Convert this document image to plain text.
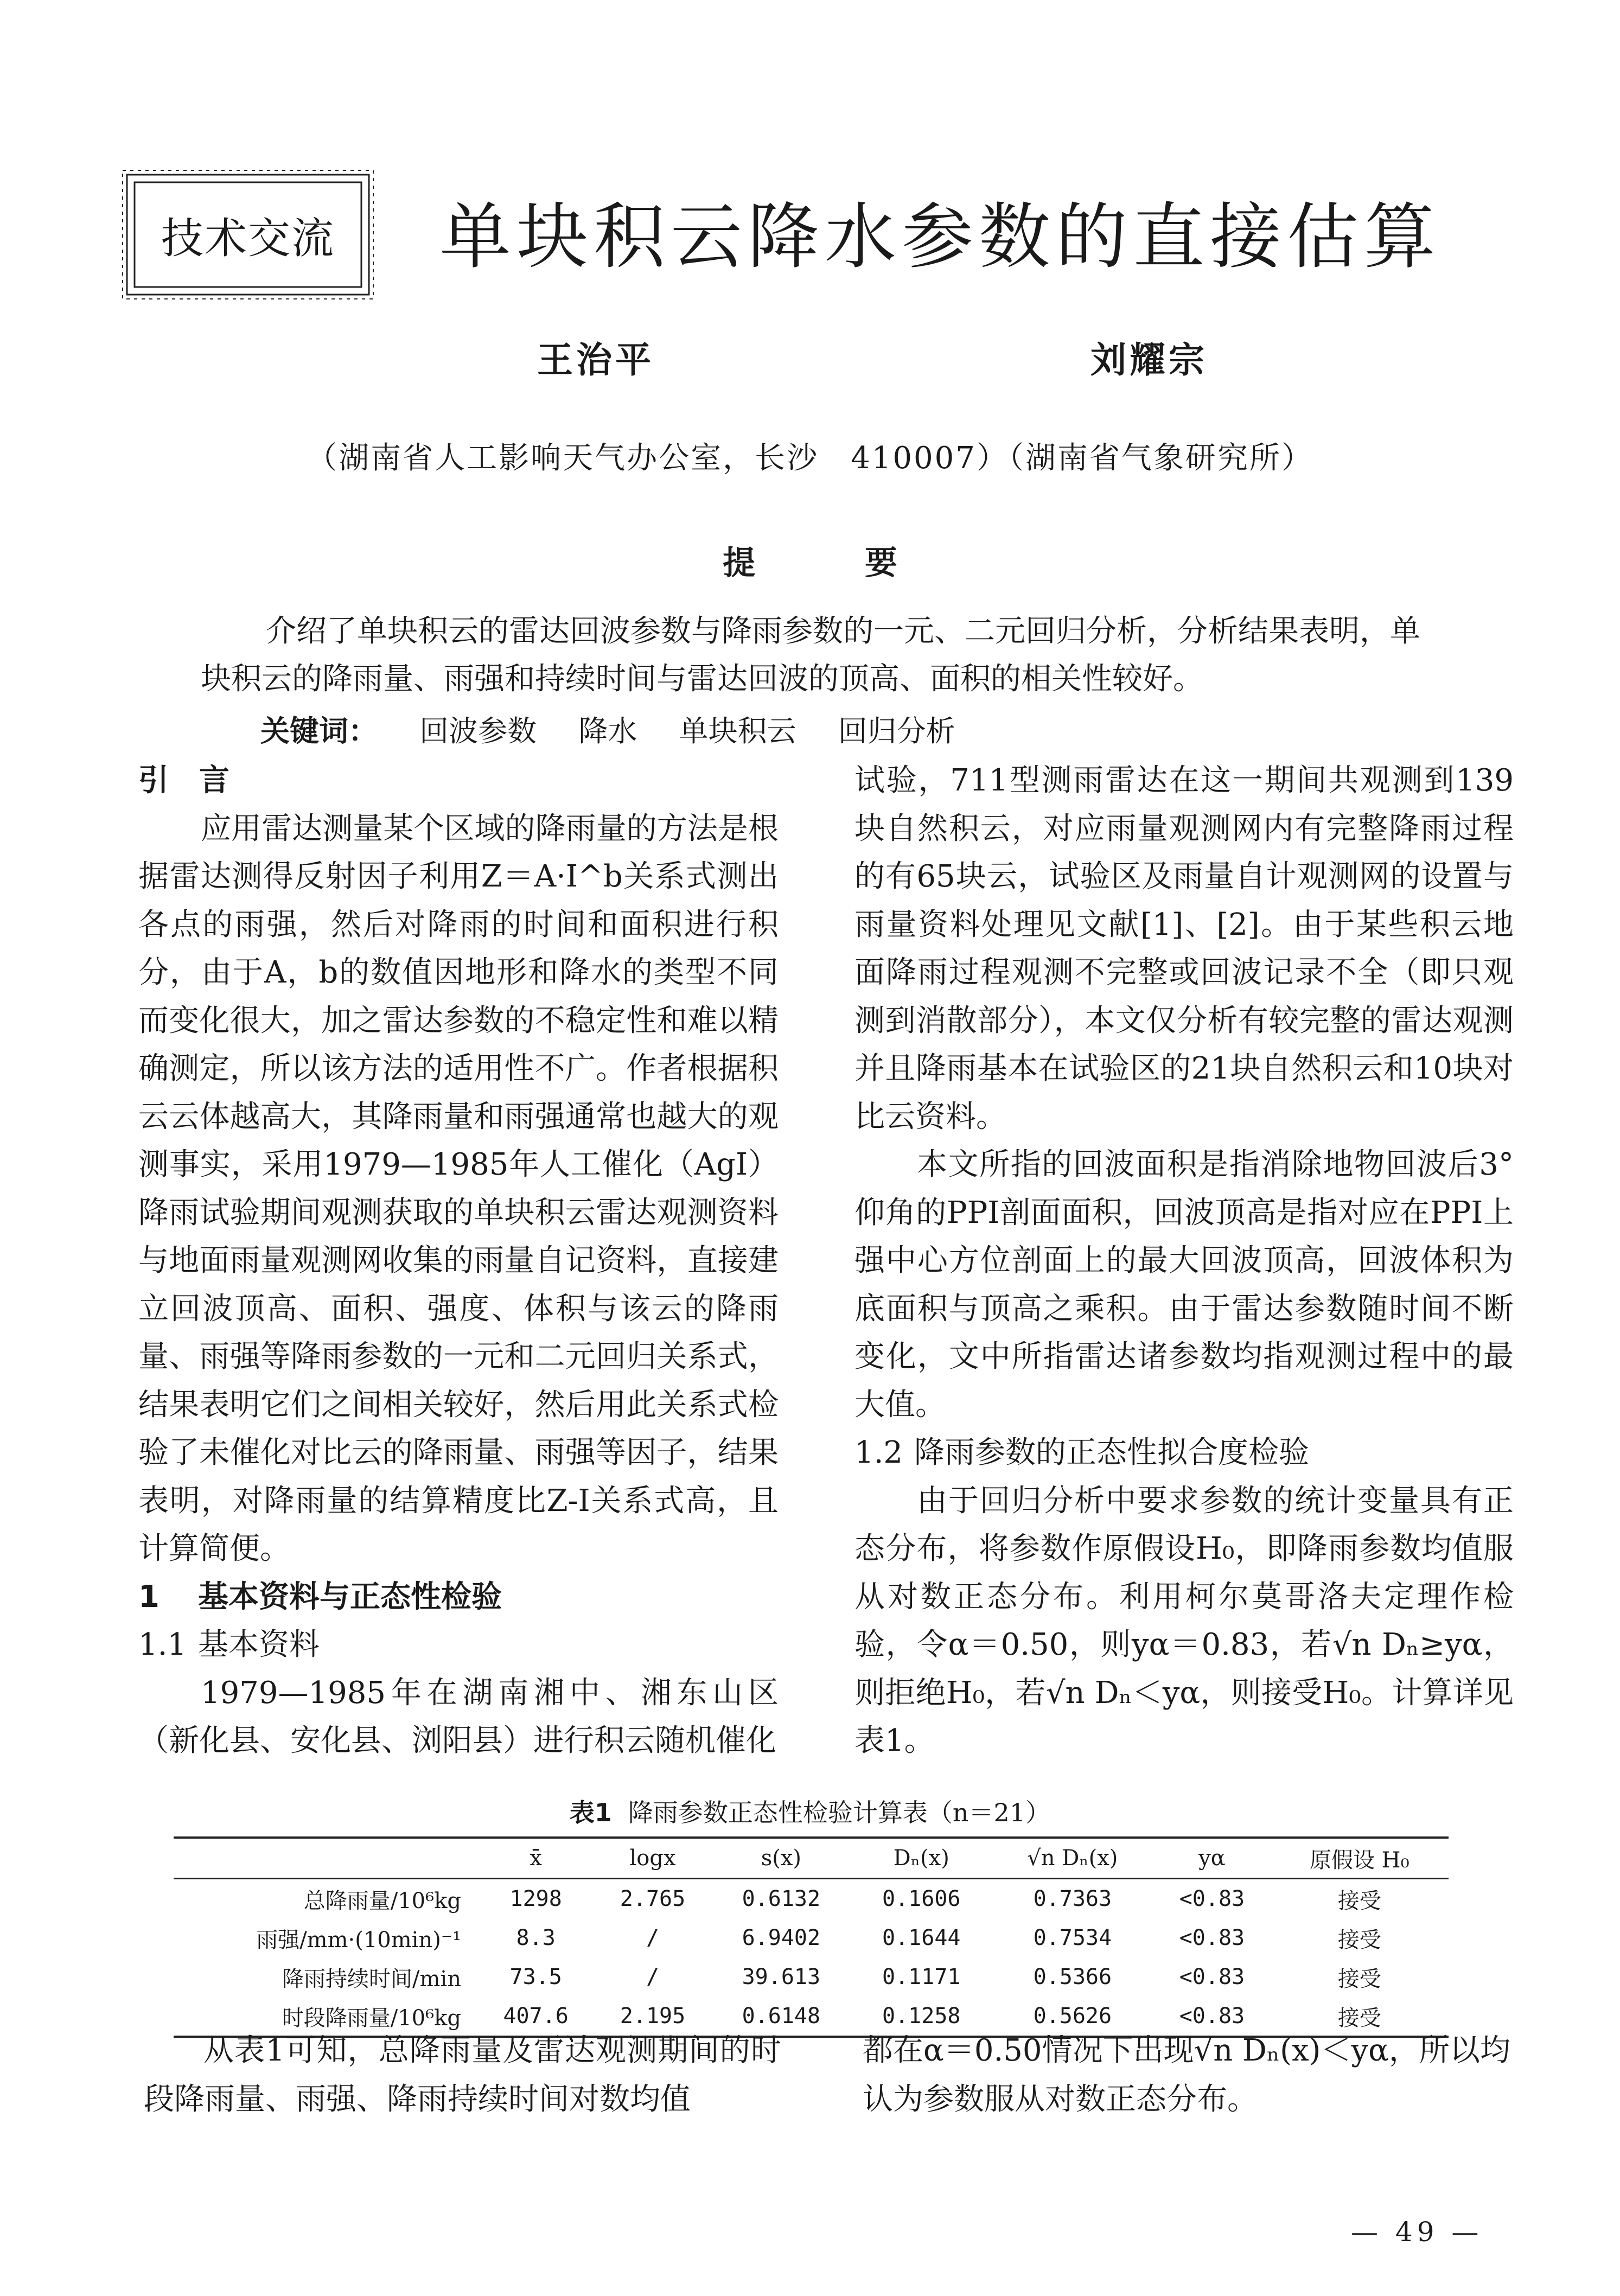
技术交流	单块积云降水参数的直接估算
王治平	刘耀宗
（湖南省人工影响天气办公室，长沙　410007）（湖南省气象研究所）
提	要

介绍了单块积云的雷达回波参数与降雨参数的一元、二元回归分析，分析结果表明，单块积云的降雨量、雨强和持续时间与雷达回波的顶高、面积的相关性较好。

关键词： 回波参数 降水 单块积云 回归分析

引　言

应用雷达测量某个区域的降雨量的方法是根据雷达测得反射因子利用Z＝A·I^b关系式测出各点的雨强，然后对降雨的时间和面积进行积分，由于A，b的数值因地形和降水的类型不同而变化很大，加之雷达参数的不稳定性和难以精确测定，所以该方法的适用性不广。作者根据积云云体越高大，其降雨量和雨强通常也越大的观测事实，采用1979—1985年人工催化（AgI）降雨试验期间观测获取的单块积云雷达观测资料与地面雨量观测网收集的雨量自记资料，直接建立回波顶高、面积、强度、体积与该云的降雨量、雨强等降雨参数的一元和二元回归关系式，结果表明它们之间相关较好，然后用此关系式检验了未催化对比云的降雨量、雨强等因子，结果表明，对降雨量的结算精度比Z-I关系式高，且计算简便。

1 基本资料与正态性检验

1.1 基本资料

1979—1985年在湖南湘中、湘东山区（新化县、安化县、浏阳县）进行积云随机催化

试验，711型测雨雷达在这一期间共观测到139块自然积云，对应雨量观测网内有完整降雨过程的有65块云，试验区及雨量自计观测网的设置与雨量资料处理见文献[1]、[2]。由于某些积云地面降雨过程观测不完整或回波记录不全（即只观测到消散部分），本文仅分析有较完整的雷达观测并且降雨基本在试验区的21块自然积云和10块对比云资料。

本文所指的回波面积是指消除地物回波后3°仰角的PPI剖面面积，回波顶高是指对应在PPI上强中心方位剖面上的最大回波顶高，回波体积为底面积与顶高之乘积。由于雷达参数随时间不断变化，文中所指雷达诸参数均指观测过程中的最大值。

1.2 降雨参数的正态性拟合度检验

由于回归分析中要求参数的统计变量具有正态分布，将参数作原假设H₀，即降雨参数均值服从对数正态分布。利用柯尔莫哥洛夫定理作检验，令α＝0.50，则yα＝0.83，若√n Dₙ≥yα，则拒绝H₀，若√n Dₙ＜yα，则接受H₀。计算详见表1。

表1 降雨参数正态性检验计算表（n＝21）
	x̄	logx	s(x)	Dₙ(x)	√n Dₙ(x)	yα	原假设 H₀
总降雨量/10⁶kg	1298	2.765	0.6132	0.1606	0.7363	<0.83	接受
雨强/mm·(10min)⁻¹	8.3	/	6.9402	0.1644	0.7534	<0.83	接受
降雨持续时间/min	73.5	/	39.613	0.1171	0.5366	<0.83	接受
时段降雨量/10⁶kg	407.6	2.195	0.6148	0.1258	0.5626	<0.83	接受

从表1可知，总降雨量及雷达观测期间的时段降雨量、雨强、降雨持续时间对数均值

都在α＝0.50情况下出现√n Dₙ(x)＜yα，所以均认为参数服从对数正态分布。

— 49 —
